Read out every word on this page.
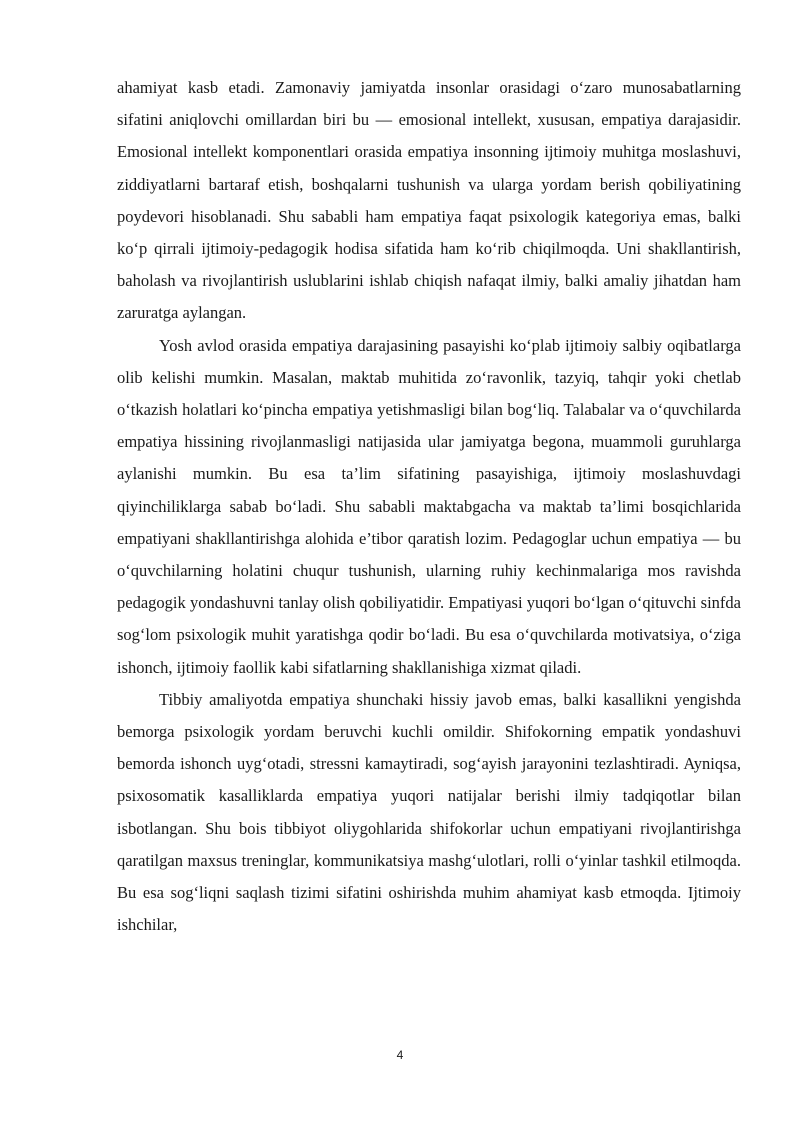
ahamiyat kasb etadi. Zamonaviy jamiyatda insonlar orasidagi o‘zaro munosabatlarning sifatini aniqlovchi omillardan biri bu — emosional intellekt, xususan, empatiya darajasidir. Emosional intellekt komponentlari orasida empatiya insonning ijtimoiy muhitga moslashuvi, ziddiyatlarni bartaraf etish, boshqalarni tushunish va ularga yordam berish qobiliyatining poydevori hisoblanadi. Shu sababli ham empatiya faqat psixologik kategoriya emas, balki ko‘p qirrali ijtimoiy-pedagogik hodisa sifatida ham ko‘rib chiqilmoqda. Uni shakllantirish, baholash va rivojlantirish uslublarini ishlab chiqish nafaqat ilmiy, balki amaliy jihatdan ham zaruratga aylangan.

Yosh avlod orasida empatiya darajasining pasayishi ko‘plab ijtimoiy salbiy oqibatlarga olib kelishi mumkin. Masalan, maktab muhitida zo‘ravonlik, tazyiq, tahqir yoki chetlab o‘tkazish holatlari ko‘pincha empatiya yetishmasligi bilan bog‘liq. Talabalar va o‘quvchilarda empatiya hissining rivojlanmasligi natijasida ular jamiyatga begona, muammoli guruhlarga aylanishi mumkin. Bu esa ta’lim sifatining pasayishiga, ijtimoiy moslashuvdagi qiyinchiliklarga sabab bo‘ladi. Shu sababli maktabgacha va maktab ta’limi bosqichlarida empatiyani shakllantirishga alohida e’tibor qaratish lozim. Pedagoglar uchun empatiya — bu o‘quvchilarning holatini chuqur tushunish, ularning ruhiy kechinmalariga mos ravishda pedagogik yondashuvni tanlay olish qobiliyatidir. Empatiyasi yuqori bo‘lgan o‘qituvchi sinfda sog‘lom psixologik muhit yaratishga qodir bo‘ladi. Bu esa o‘quvchilarda motivatsiya, o‘ziga ishonch, ijtimoiy faollik kabi sifatlarning shakllanishiga xizmat qiladi.

Tibbiy amaliyotda empatiya shunchaki hissiy javob emas, balki kasallikni yengishda bemorga psixologik yordam beruvchi kuchli omildir. Shifokorning empatik yondashuvi bemorda ishonch uyg‘otadi, stressni kamaytiradi, sog‘ayish jarayonini tezlashtiradi. Ayniqsa, psixosomatik kasalliklarda empatiya yuqori natijalar berishi ilmiy tadqiqotlar bilan isbotlangan. Shu bois tibbiyot oliygohlarida shifokorlar uchun empatiyani rivojlantirishga qaratilgan maxsus treninglar, kommunikatsiya mashg‘ulotlari, rolli o‘yinlar tashkil etilmoqda. Bu esa sog‘liqni saqlash tizimi sifatini oshirishda muhim ahamiyat kasb etmoqda. Ijtimoiy ishchilar,

4
